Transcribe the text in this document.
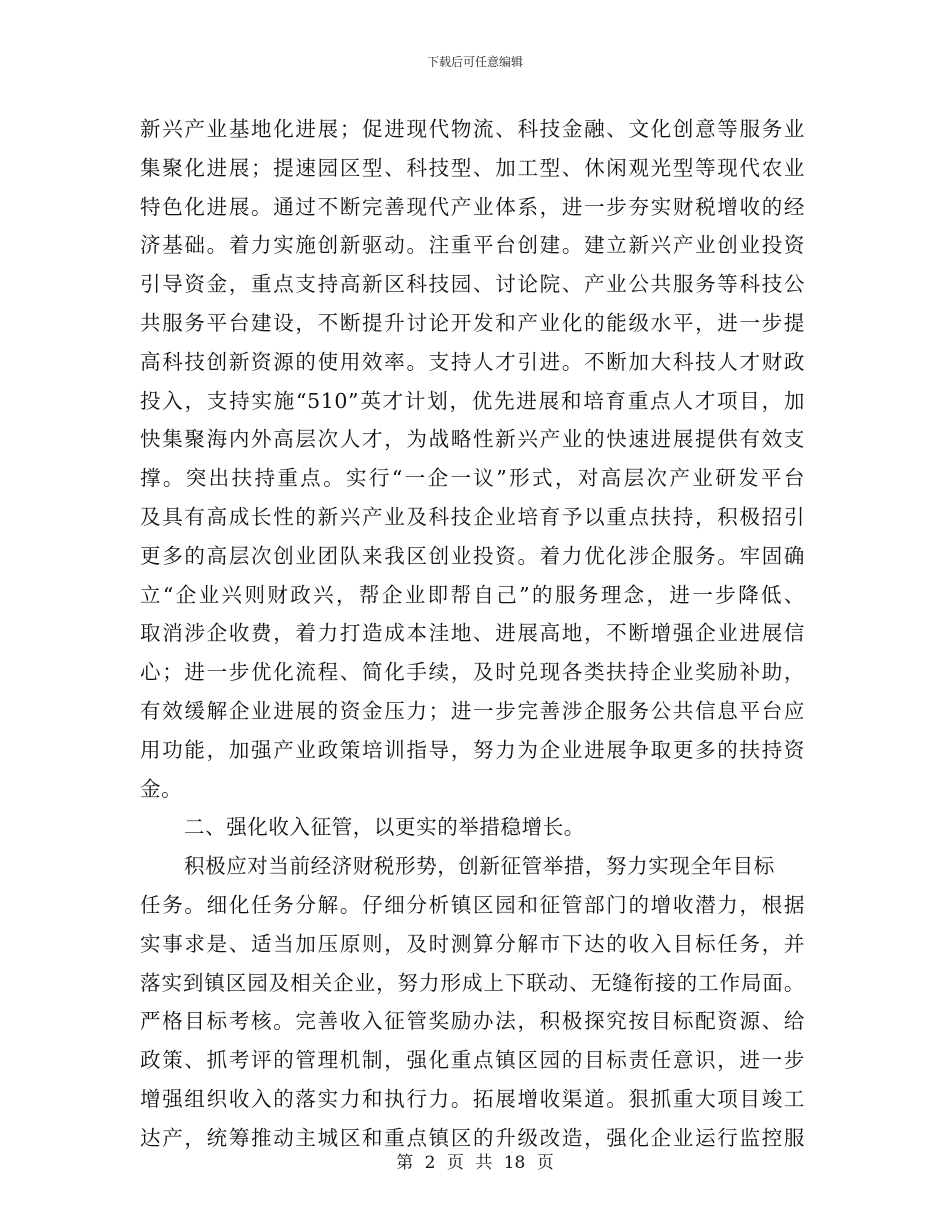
下载后可任意编辑
新兴产业基地化进展；促进现代物流、科技金融、文化创意等服务业
集聚化进展；提速园区型、科技型、加工型、休闲观光型等现代农业
特色化进展。通过不断完善现代产业体系，进一步夯实财税增收的经
济基础。着力实施创新驱动。注重平台创建。建立新兴产业创业投资
引导资金，重点支持高新区科技园、讨论院、产业公共服务等科技公
共服务平台建设，不断提升讨论开发和产业化的能级水平，进一步提
高科技创新资源的使用效率。支持人才引进。不断加大科技人才财政
投入，支持实施“510”英才计划，优先进展和培育重点人才项目，加
快集聚海内外高层次人才，为战略性新兴产业的快速进展提供有效支
撑。突出扶持重点。实行“一企一议”形式，对高层次产业研发平台
及具有高成长性的新兴产业及科技企业培育予以重点扶持，积极招引
更多的高层次创业团队来我区创业投资。着力优化涉企服务。牢固确
立“企业兴则财政兴，帮企业即帮自己”的服务理念，进一步降低、
取消涉企收费，着力打造成本洼地、进展高地，不断增强企业进展信
心；进一步优化流程、简化手续，及时兑现各类扶持企业奖励补助，
有效缓解企业进展的资金压力；进一步完善涉企服务公共信息平台应
用功能，加强产业政策培训指导，努力为企业进展争取更多的扶持资
金。
二、强化收入征管，以更实的举措稳增长。
积极应对当前经济财税形势，创新征管举措，努力实现全年目标
任务。细化任务分解。仔细分析镇区园和征管部门的增收潜力，根据
实事求是、适当加压原则，及时测算分解市下达的收入目标任务，并
落实到镇区园及相关企业，努力形成上下联动、无缝衔接的工作局面。
严格目标考核。完善收入征管奖励办法，积极探究按目标配资源、给
政策、抓考评的管理机制，强化重点镇区园的目标责任意识，进一步
增强组织收入的落实力和执行力。拓展增收渠道。狠抓重大项目竣工
达产，统筹推动主城区和重点镇区的升级改造，强化企业运行监控服
第 2 页 共 18 页
